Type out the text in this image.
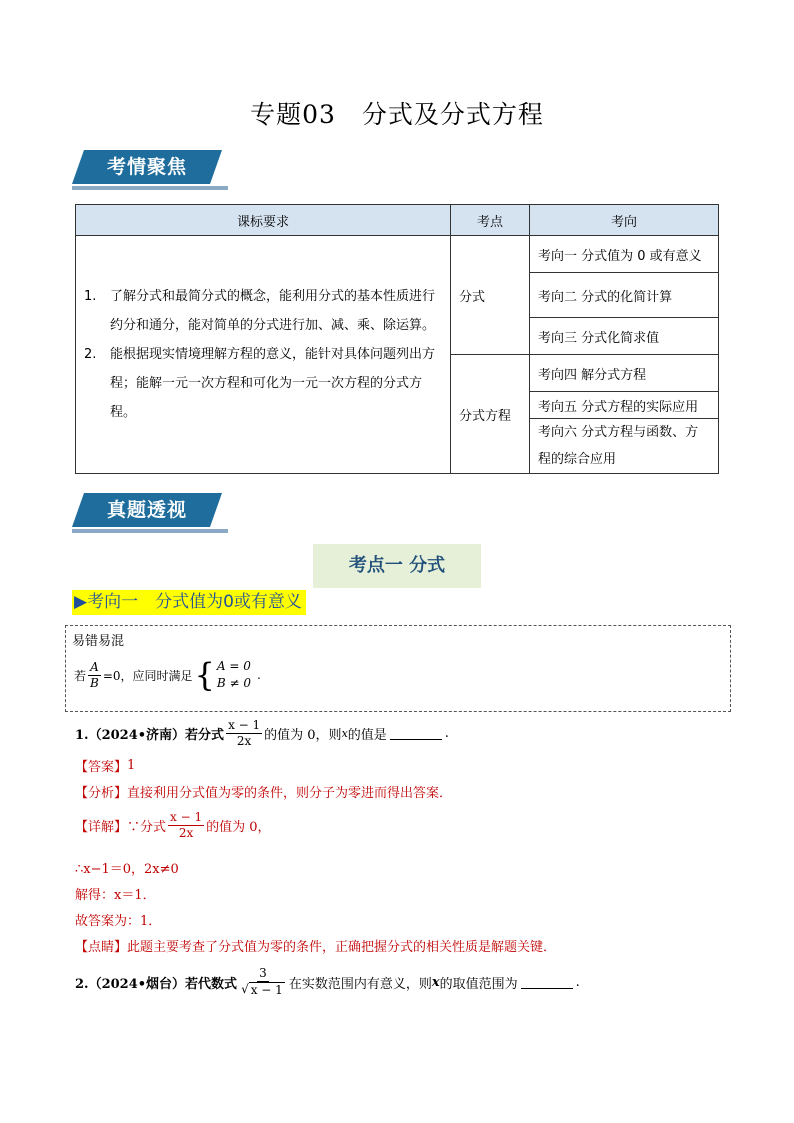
专题03　分式及分式方程
考情聚焦
课标要求	考点	考向

1. 了解分式和最简分式的概念，能利用分式的基本性质进行约分和通分，能对简单的分式进行加、减、乘、除运算。
2. 能根据现实情境理解方程的意义，能针对具体问题列出方程；能解一元一次方程和可化为一元一次方程的分式方程。	分式	考向一 分式值为 0 或有意义
		考向二 分式的化简计算
		考向三 分式化简求值
	分式方程	考向四 解分式方程
		考向五 分式方程的实际应用
		考向六 分式方程与函数、方程的综合应用
真题透视
考点一 分式
▶考向一　分式值为0或有意义
易错易混
若 $\frac{A}{B} =0$，应同时满足 { A = 0
B ≠ 0
.
1.（2024•济南）若分式 $\frac{x - 1}{2x}$ 的值为 0，则 x 的值是	.
【答案】 1
【分析】 直接利用分式值为零的条件，则分子为零进而得出答案．
【详解】 ∵分式 $\frac{x - 1}{2x}$ 的值为 0，
∴x−1＝0，2x≠0
解得：x＝1．
故答案为：1．
【点睛】 此题主要考查了分式值为零的条件，正确把握分式的相关性质是解题关键．
2.（2024•烟台）若代数式 $\frac{3}{√ x - 1}$ 在实数范围内有意义，则 x 的取值范围为	.
